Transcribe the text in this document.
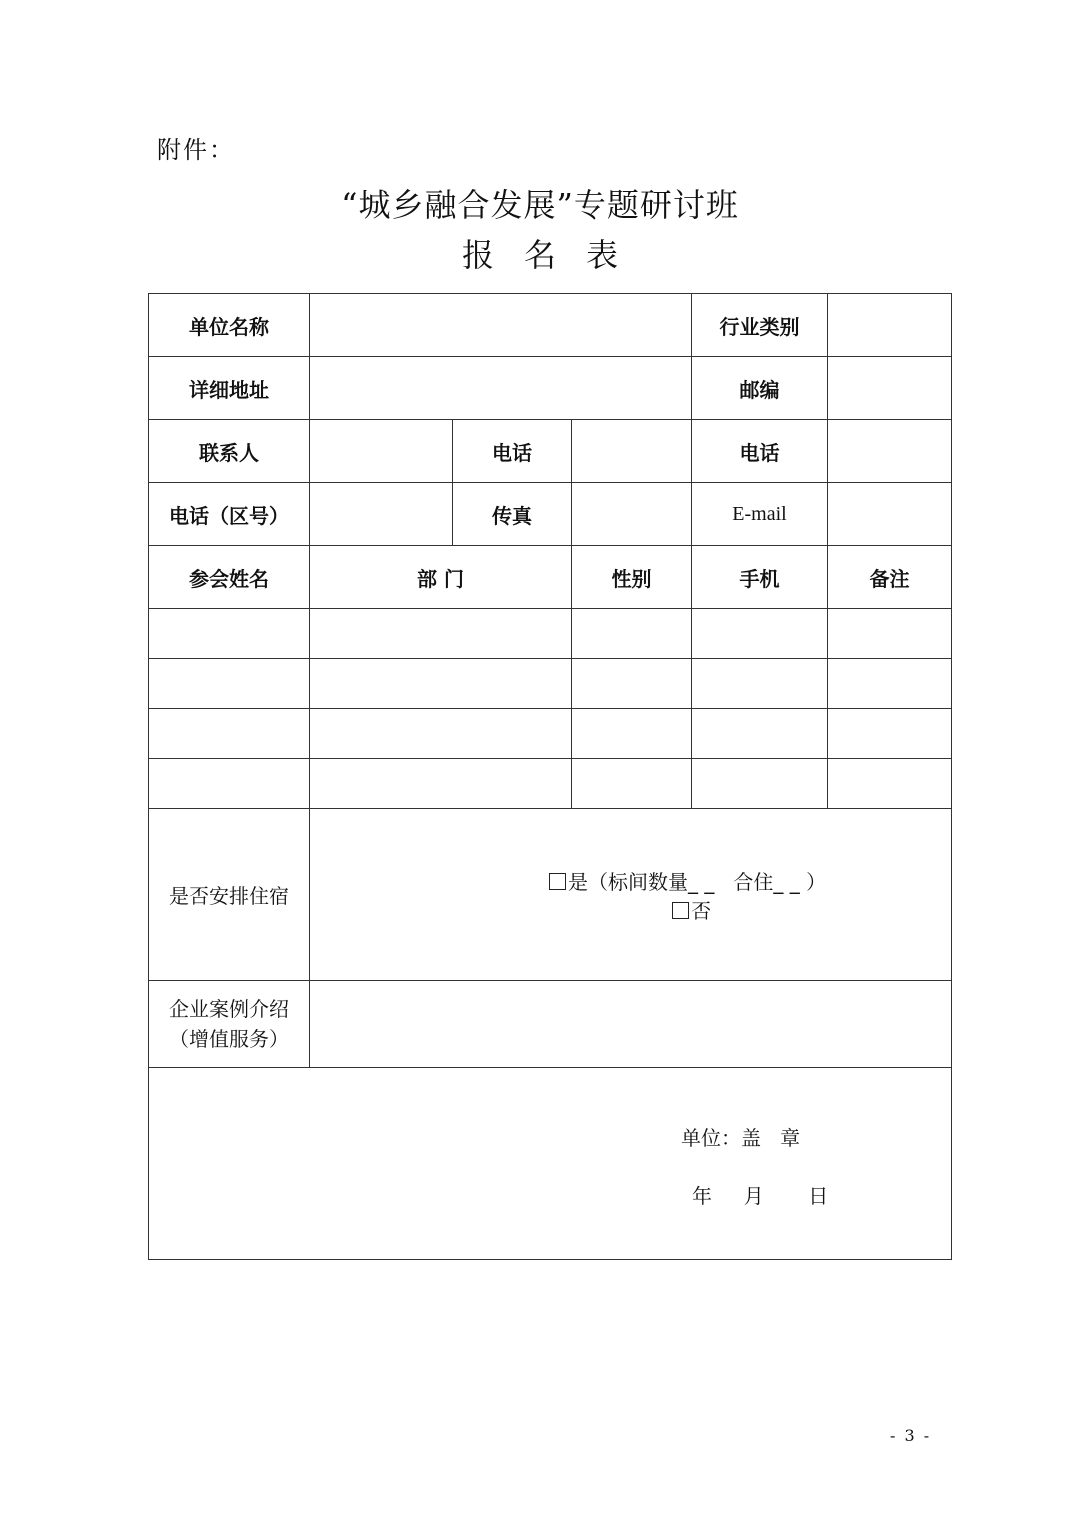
附件：
“城乡融合发展”专题研讨班
报名表
单位名称				行业类别	
详细地址				邮编	
联系人		电话		电话	
电话（区号）		传真		E-mail	
参会姓名	部 门		性别	手机	备注

是否安排住宿	是（标间数量_ _   合住_ _ ）
否				

企业案例介绍
（增值服务）					

单位：盖   章
年     月       日					
- 3 -
